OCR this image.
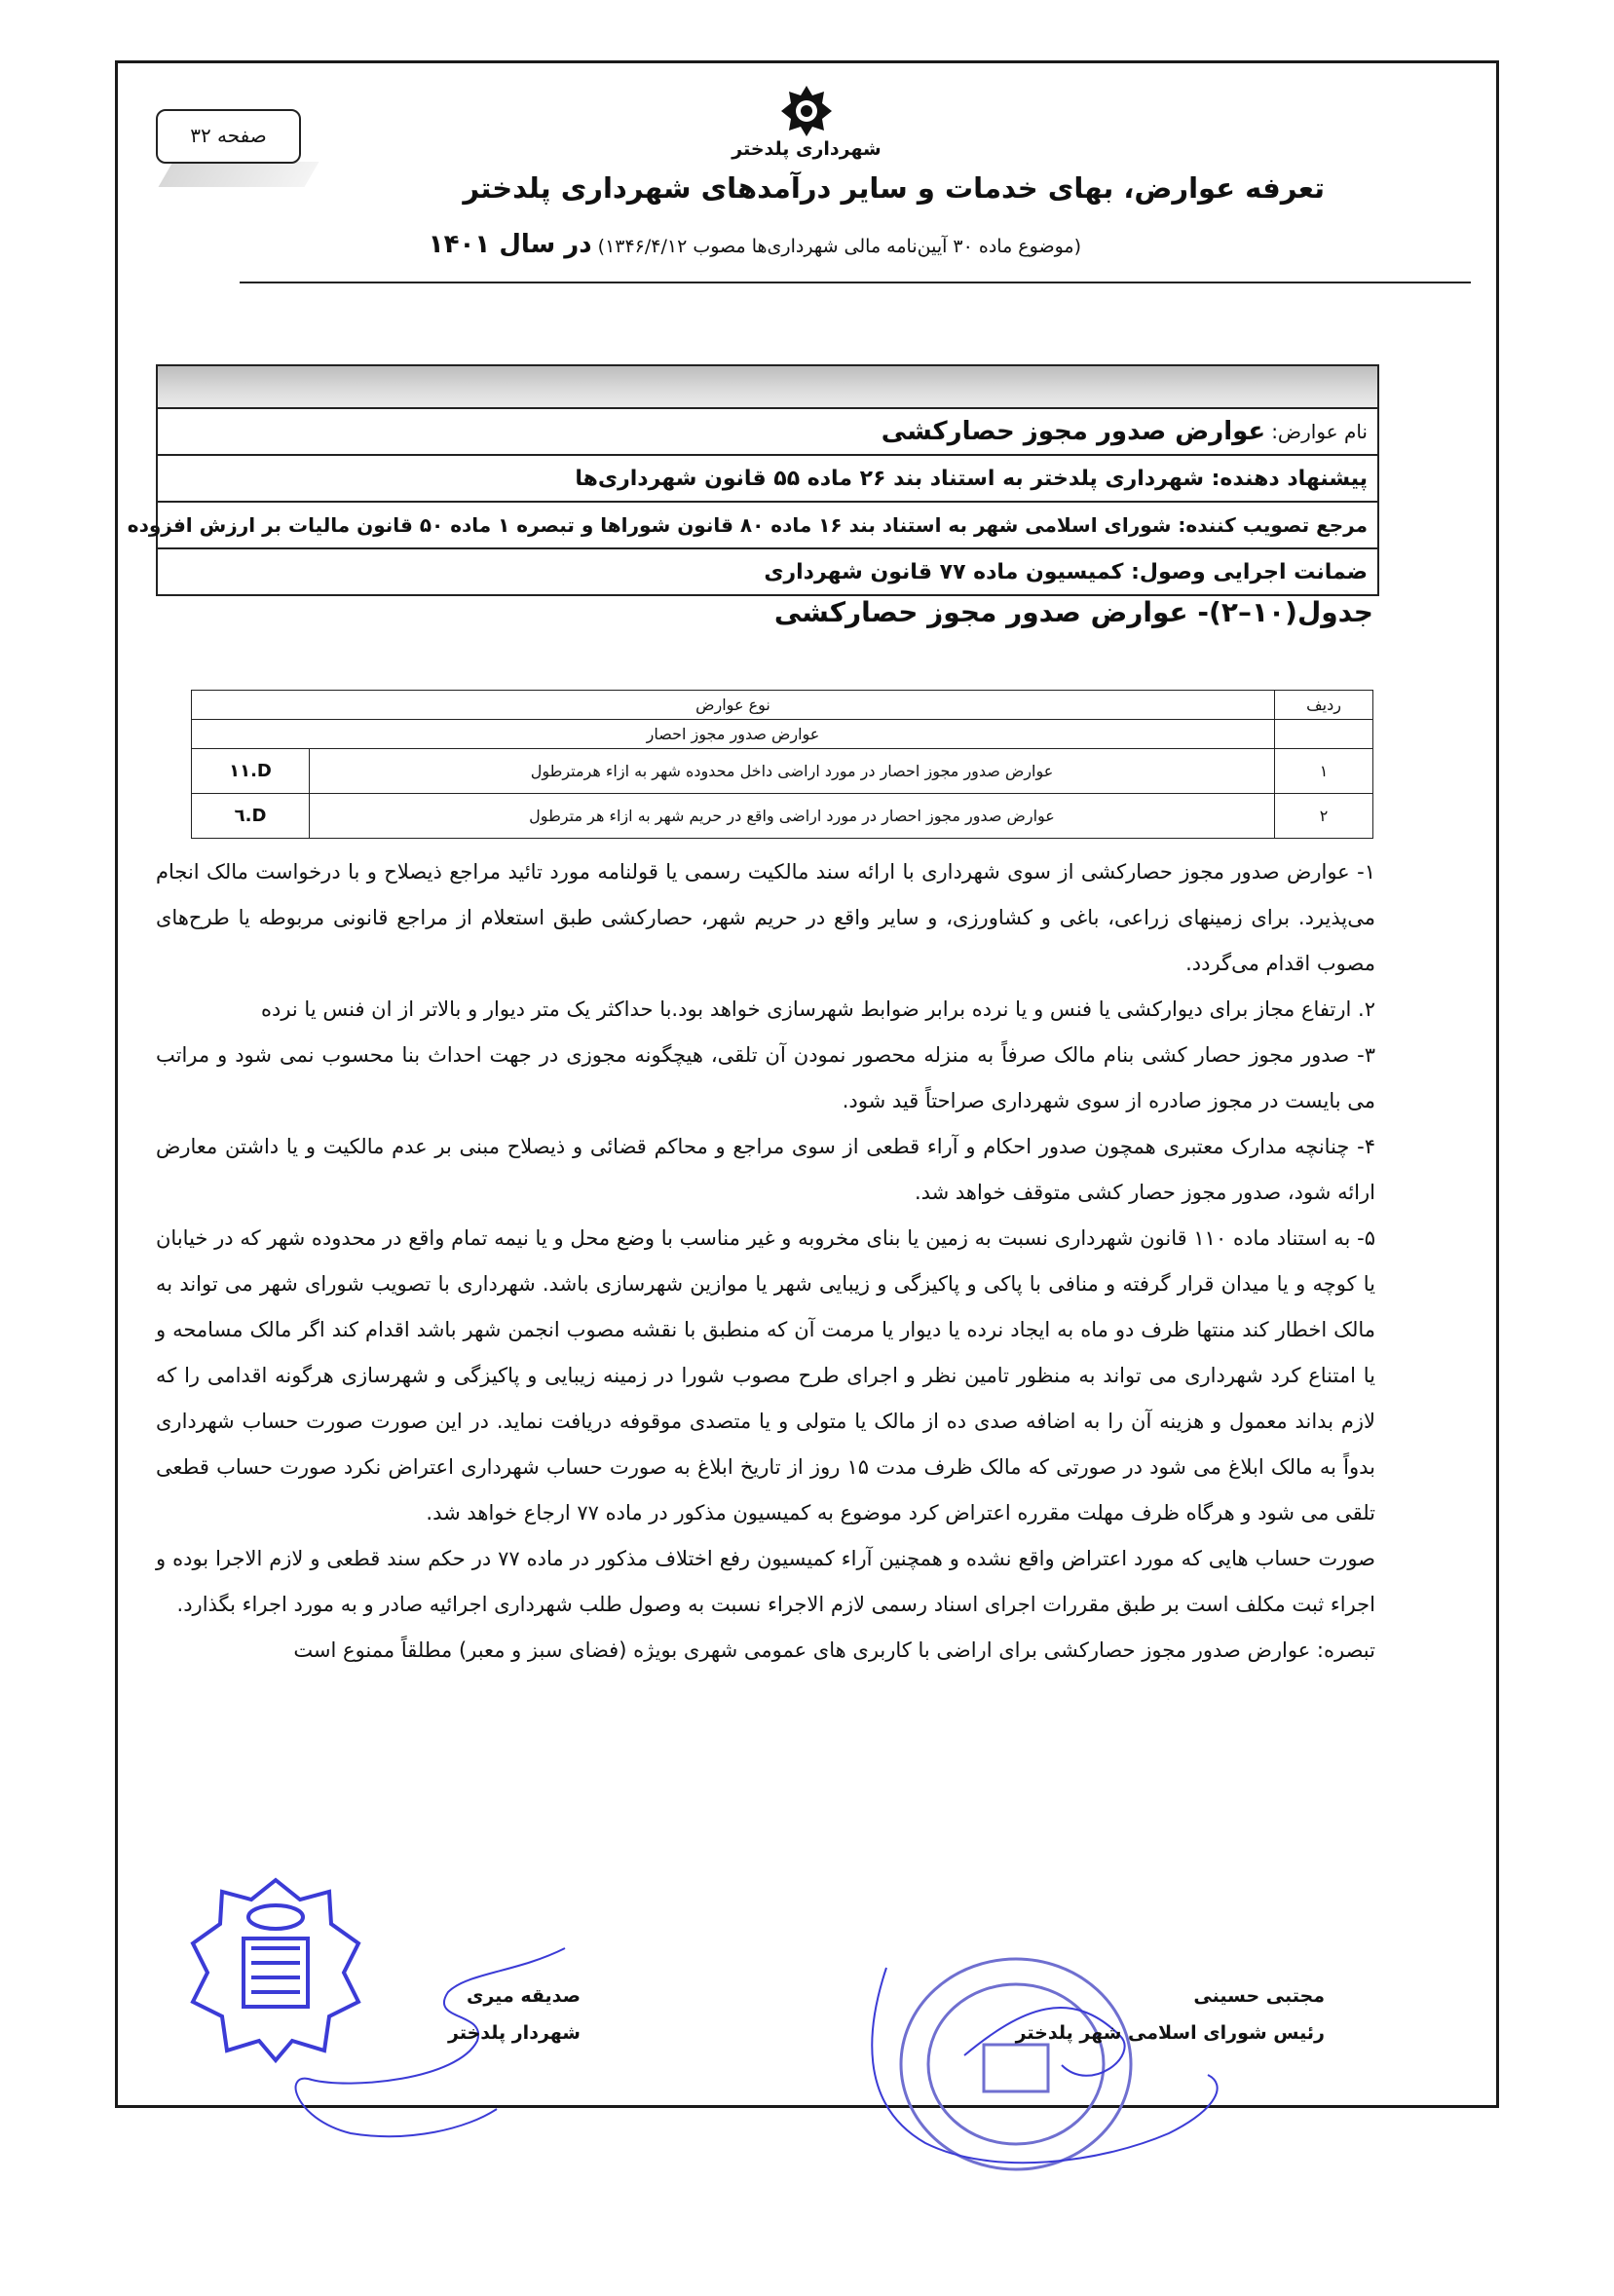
صفحه ۳۲
شهرداری پلدختر
تعرفه عوارض، بهای خدمات و سایر درآمدهای شهرداری پلدختر
(موضوع ماده ۳۰ آیین‌نامه مالی شهرداری‌ها مصوب ۱۳۴۶/۴/۱۲) در سال ۱۴۰۱
نام عوارض:
عوارض صدور مجوز حصارکشی
پیشنهاد دهنده: شهرداری پلدختر به استناد بند ۲۶ ماده ۵۵ قانون شهرداری‌ها
مرجع تصویب کننده: شورای اسلامی شهر به استناد بند ۱۶ ماده ۸۰ قانون شوراها و تبصره ۱ ماده ۵۰ قانون مالیات بر ارزش افزوده
ضمانت اجرایی وصول: کمیسیون ماده ۷۷ قانون شهرداری
جدول(۱۰–۲)- عوارض صدور مجوز حصارکشی
ردیف	نوع عوارض	
	عوارض صدور مجوز احصار	
۱	عوارض صدور مجوز احصار در مورد اراضی داخل محدوده شهر به ازاء هرمترطول	۱۱.D
۲	عوارض صدور مجوز احصار در مورد اراضی واقع در حریم شهر به ازاء هر مترطول	٦.D

۱- عوارض صدور مجوز حصارکشی از سوی شهرداری با ارائه سند مالکیت رسمی یا قولنامه مورد تائید مراجع ذیصلاح و با درخواست مالک انجام می‌پذیرد. برای زمینهای زراعی، باغی و کشاورزی، و سایر واقع در حریم شهر، حصارکشی طبق استعلام از مراجع قانونی مربوطه یا طرح‌های مصوب اقدام می‌گردد.

۲. ارتفاع مجاز برای دیوارکشی یا فنس و یا نرده برابر ضوابط شهرسازی خواهد بود.با حداکثر یک متر دیوار و بالاتر از ان فنس یا نرده

۳- صدور مجوز حصار کشی بنام مالک صرفاً به منزله محصور نمودن آن تلقی، هیچگونه مجوزی در جهت احداث بنا محسوب نمی شود و مراتب می بایست در مجوز صادره از سوی شهرداری صراحتاً قید شود.

۴- چنانچه مدارک معتبری همچون صدور احکام و آراء قطعی از سوی مراجع و محاکم قضائی و ذیصلاح مبنی بر عدم مالکیت و یا داشتن معارض ارائه شود، صدور مجوز حصار کشی متوقف خواهد شد.

۵- به استناد ماده ۱۱۰ قانون شهرداری نسبت به زمین یا بنای مخروبه و غیر مناسب با وضع محل و یا نیمه تمام واقع در محدوده شهر که در خیابان یا کوچه و یا میدان قرار گرفته و منافی با پاکی و پاکیزگی و زیبایی شهر یا موازین شهرسازی باشد. شهرداری با تصویب شورای شهر می تواند به مالک اخطار کند منتها ظرف دو ماه به ایجاد نرده یا دیوار یا مرمت آن که منطبق با نقشه مصوب انجمن شهر باشد اقدام کند اگر مالک مسامحه و یا امتناع کرد شهرداری می تواند به منظور تامین نظر و اجرای طرح مصوب شورا در زمینه زیبایی و پاکیزگی و شهرسازی هرگونه اقدامی را که لازم بداند معمول و هزینه آن را به اضافه صدی ده از مالک یا متولی و یا متصدی موقوفه دریافت نماید. در این صورت صورت حساب شهرداری بدواً به مالک ابلاغ می شود در صورتی که مالک ظرف مدت ۱۵ روز از تاریخ ابلاغ به صورت حساب شهرداری اعتراض نکرد صورت حساب قطعی تلقی می شود و هرگاه ظرف مهلت مقرره اعتراض کرد موضوع به کمیسیون مذکور در ماده ۷۷ ارجاع خواهد شد.

صورت حساب هایی که مورد اعتراض واقع نشده و همچنین آراء کمیسیون رفع اختلاف مذکور در ماده ۷۷ در حکم سند قطعی و لازم الاجرا بوده و اجراء ثبت مکلف است بر طبق مقررات اجرای اسناد رسمی لازم الاجراء نسبت به وصول طلب شهرداری اجرائیه صادر و به مورد اجراء بگذارد.

تبصره: عوارض صدور مجوز حصارکشی برای اراضی با کاربری های عمومی شهری بویژه (فضای سبز و معبر) مطلقاً ممنوع است

صدیقه میری
شهردار پلدختر
مجتبی حسینی
رئیس شورای اسلامی شهر پلدختر
